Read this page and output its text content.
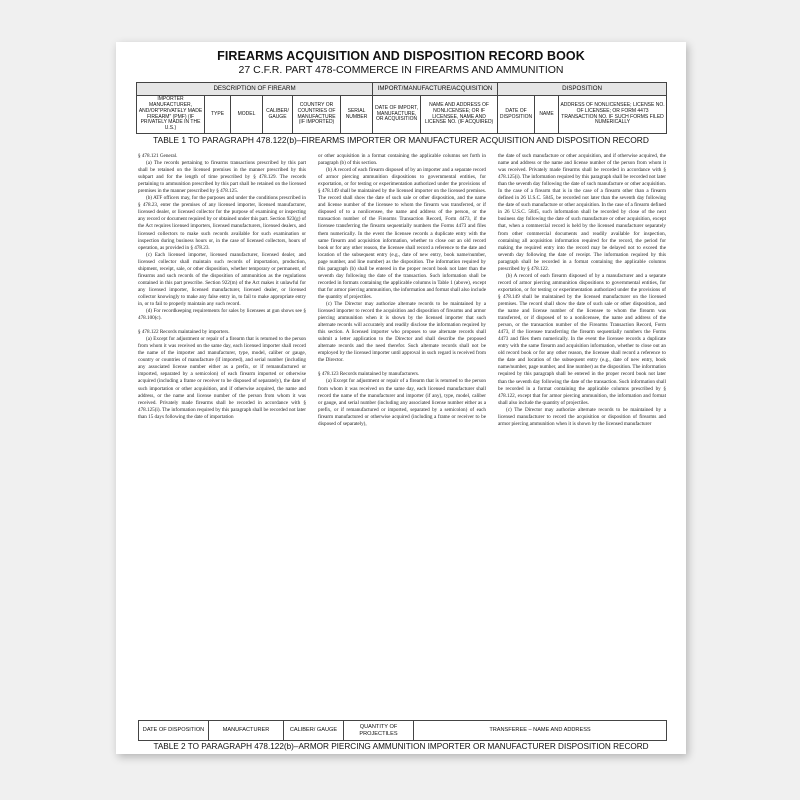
FIREARMS ACQUISITION AND DISPOSITION RECORD BOOK
27 C.F.R. PART 478-COMMERCE IN FIREARMS AND AMMUNITION
DESCRIPTION OF FIREARM						IMPORT/MANUFACTURE/ACQUISITION		DISPOSITION		
IMPORTER MANUFACTURER, AND/OR"PRIVATELY MADE FIREARM" (PMF) (IF PRIVATELY MADE IN THE U.S.)	TYPE	MODEL	CALIBER/ GAUGE	COUNTRY OR COUNTRIES OF MANUFACTURE (IF IMPORTED)	SERIAL NUMBER	DATE OF IMPORT, MANUFACTURE, OR ACQUISITION	NAME AND ADDRESS OF NONLICENSEE; OR IF LICENSEE, NAME AND LICENSE NO. (IF ACQUIRED)	DATE OF DISPOSITION	NAME	ADDRESS OF NONLICENSEE; LICENSE NO. OF LICENSEE; OR FORM 4473 TRANSACTION NO. IF SUCH FORMS FILED NUMERICALLY
TABLE 1 TO PARAGRAPH 478.122(b)–FIREARMS IMPORTER OR MANUFACTURER ACQUISITION AND DISPOSITION RECORD

§ 478.121 General.

(a) The records pertaining to firearms transactions prescribed by this part shall be retained on the licensed premises in the manner prescribed by this subpart and for the length of time prescribed by § 478.129. The records pertaining to ammunition prescribed by this part shall be retained on the licensed premises in the manner prescribed by § 478.125.

(b) ATF officers may, for the purposes and under the conditions prescribed in § 478.23, enter the premises of any licensed importer, licensed manufacturer, licensed dealer, or licensed collector for the purpose of examining or inspecting any record or document required by or obtained under this part. Section 923(g) of the Act requires licensed importers, licensed manufacturers, licensed dealers, and licensed collectors to make such records available for such examination or inspection during business hours or, in the case of licensed collectors, hours of operation, as provided in § 478.23.

(c) Each licensed importer, licensed manufacturer, licensed dealer, and licensed collector shall maintain such records of importation, production, shipment, receipt, sale, or other disposition, whether temporary or permanent, of firearms and such records of the disposition of ammunition as the regulations contained in this part prescribe. Section 922(m) of the Act makes it unlawful for any licensed importer, licensed manufacturer, licensed dealer, or licensed collector knowingly to make any false entry in, to fail to make appropriate entry in, or to fail to properly maintain any such record.

(d) For recordkeeping requirements for sales by licensees at gun shows see § 478.100(c).

§ 478.122 Records maintained by importers.

(a) Except for adjustment or repair of a firearm that is returned to the person from whom it was received on the same day, each licensed importer shall record the name of the importer and manufacturer, type, model, caliber or gauge, country or countries of manufacture (if imported), and serial number (including any associated license number either as a prefix, or if remanufactured or imported, separated by a semicolon) of each firearm imported or otherwise acquired (including a frame or receiver to be disposed of separately), the date of such importation or other acquisition, and if otherwise acquired, the name and address, or the name and license number of the person from whom it was received. Privately made firearms shall be recorded in accordance with § 478.125(i). The information required by this paragraph shall be recorded not later than 15 days following the date of importation

or other acquisition in a format containing the applicable columns set forth in paragraph (b) of this section.

(b) A record of each firearm disposed of by an importer and a separate record of armor piercing ammunition dispositions to governmental entities, for exportation, or for testing or experimentation authorized under the provisions of § 478.149 shall be maintained by the licensed importer on the licensed premises. The record shall show the date of such sale or other disposition, and the name and license number of the licensee to whom the firearm was transferred, or if disposed of to a nonlicensee, the name and address of the person, or the transaction number of the Firearms Transaction Record, Form 4473, if the licensee transferring the firearm sequentially numbers the Forms 4473 and files them numerically. In the event the licensee records a duplicate entry with the same firearm and acquisition information, whether to close out an old record book or for any other reason, the licensee shall record a reference to the date and location of the subsequent entry (e.g., date of new entry, book name/number, page number, and line number) as the disposition. The information required by this paragraph (b) shall be entered in the proper record book not later than the seventh day following the date of the transaction. Such information shall be recorded in formats containing the applicable columns in Table 1 (above), except that for armor piercing ammunition, the information and format shall also include the quantity of projectiles.

(c) The Director may authorize alternate records to be maintained by a licensed importer to record the acquisition and disposition of firearms and armor piercing ammunition when it is shown by the licensed importer that such alternate records will accurately and readily disclose the information required by this section. A licensed importer who proposes to use alternate records shall submit a letter application to the Director and shall describe the proposed alternate records and the need therefor. Such alternate records shall not be employed by the licensed importer until approval in such regard is received from the Director.

§ 478.123 Records maintained by manufacturers.

(a) Except for adjustment or repair of a firearm that is returned to the person from whom it was received on the same day, each licensed manufacturer shall record the name of the manufacturer and importer (if any), type, model, caliber or gauge, and serial number (including any associated license number either as a prefix, or if remanufactured or imported, separated by a semicolon) of each firearm manufactured or otherwise acquired (including a frame or receiver to be disposed of separately),

the date of such manufacture or other acquisition, and if otherwise acquired, the name and address or the name and license number of the person from whom it was received. Privately made firearms shall be recorded in accordance with § 478.125(i). The information required by this paragraph shall be recorded not later than the seventh day following the date of such manufacture or other acquisition. In the case of a firearm that is in the case of a firearm other than a firearm defined in 26 U.S.C. 5845, be recorded not later than the seventh day following the date of such manufacture or other acquisition. In the case of a firearm defined in 26 U.S.C. 5845, such information shall be recorded by close of the next business day following the date of such manufacture or other acquisition, except that, when a commercial record is held by the licensed manufacturer separately from other commercial documents and readily available for inspection, containing all acquisition information required for the record, the period for making the required entry into the record may be delayed not to exceed the seventh day following the date of receipt. The information required by this paragraph shall be recorded in a format containing the applicable columns prescribed by § 478.122.

(b) A record of each firearm disposed of by a manufacturer and a separate record of armor piercing ammunition dispositions to governmental entities, for exportation, or for testing or experimentation authorized under the provisions of § 478.149 shall be maintained by the licensed manufacturer on the licensed premises. The record shall show the date of such sale or other disposition, and the name and license number of the licensee to whom the firearm was transferred, or if disposed of to a nonlicensee, the name and address of the person, or the transaction number of the Firearms Transaction Record, Form 4473, if the licensee transferring the firearm sequentially numbers the Forms 4473 and files them numerically. In the event the licensee records a duplicate entry with the same firearm and acquisition information, whether to close out an old record book or for any other reason, the licensee shall record a reference to the date and location of the subsequent entry (e.g., date of new entry, book name/number, page number, and line number) as the disposition. The information required by this paragraph shall be entered in the proper record book not later than the seventh day following the date of the transaction. Such information shall be recorded in a format containing the applicable columns prescribed by § 478.122, except that for armor piercing ammunition, the information and format shall also include the quantity of projectiles.

(c) The Director may authorize alternate records to be maintained by a licensed manufacturer to record the acquisition or disposition of firearms and armor piercing ammunition when it is shown by the licensed manufacturer

DATE OF DISPOSITION	MANUFACTURER	CALIBER/ GAUGE	QUANTITY OF PROJECTILES	TRANSFEREE – NAME AND ADDRESS
TABLE 2 TO PARAGRAPH 478.122(b)–ARMOR PIERCING AMMUNITION IMPORTER OR MANUFACTURER DISPOSITION RECORD
